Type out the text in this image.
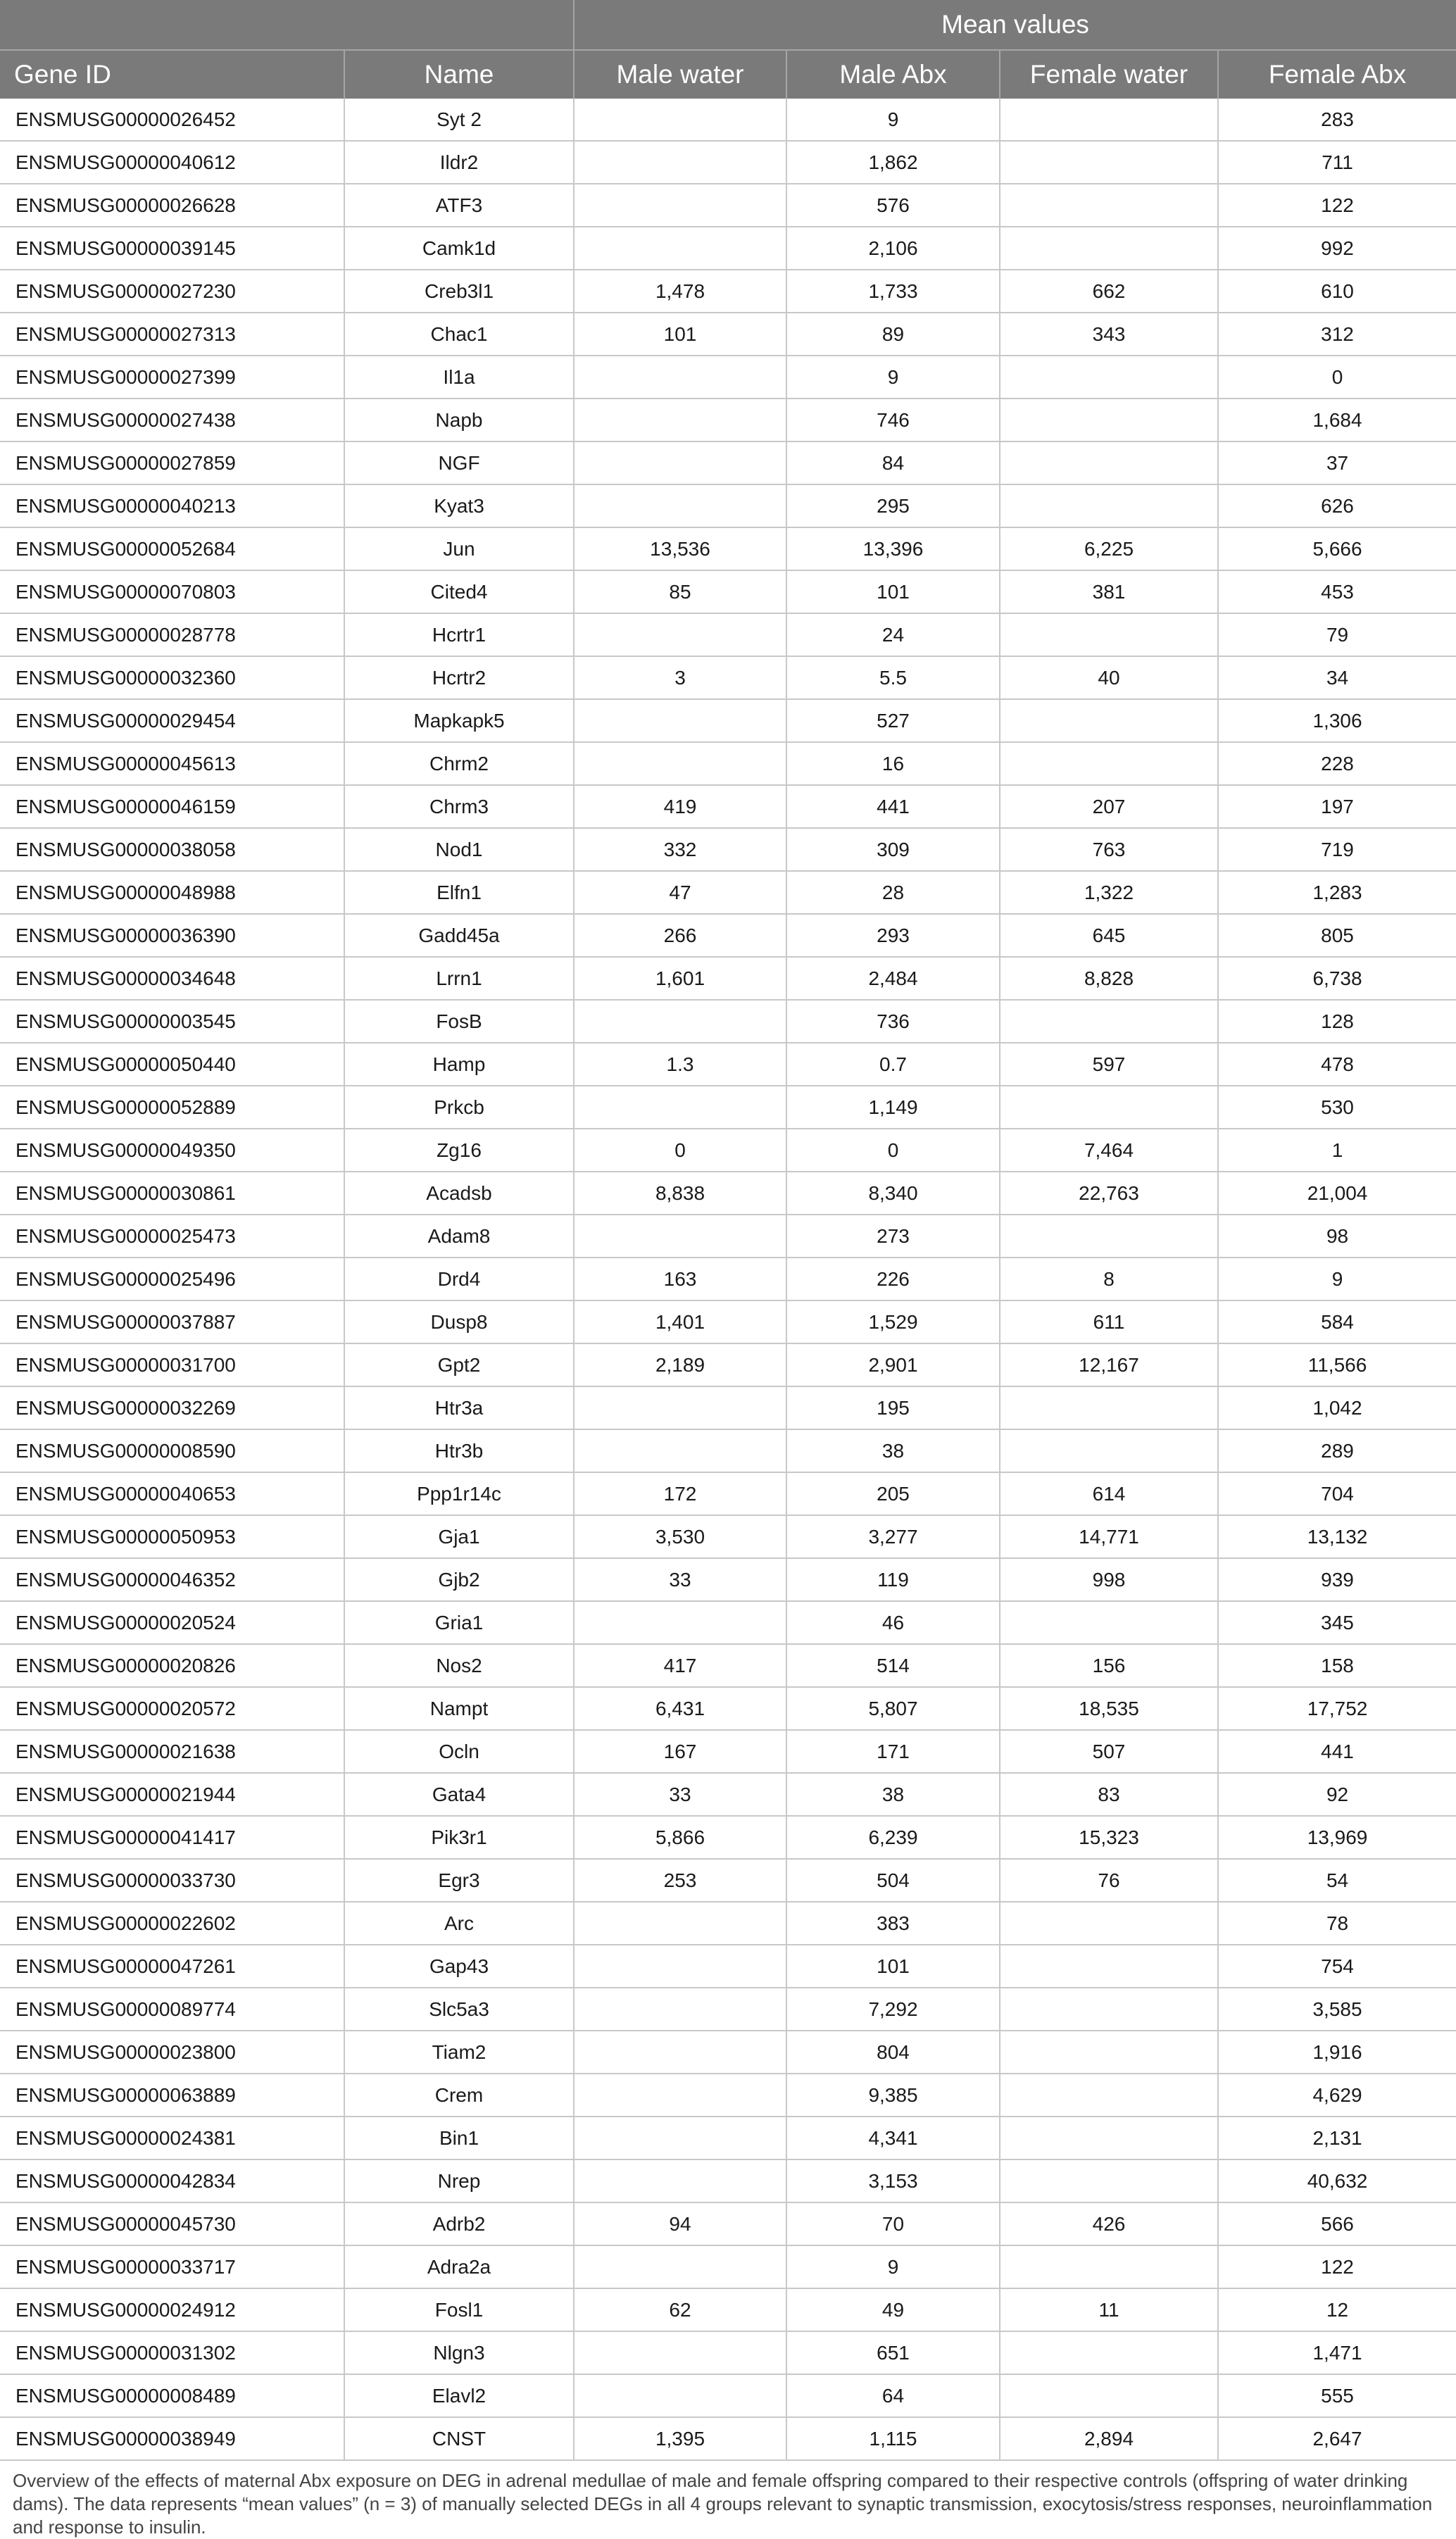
		Mean values			
Gene ID	Name	Male water	Male Abx	Female water	Female Abx
ENSMUSG00000026452	Syt 2		9		283
ENSMUSG00000040612	Ildr2		1,862		711
ENSMUSG00000026628	ATF3		576		122
ENSMUSG00000039145	Camk1d		2,106		992
ENSMUSG00000027230	Creb3l1	1,478	1,733	662	610
ENSMUSG00000027313	Chac1	101	89	343	312
ENSMUSG00000027399	Il1a		9		0
ENSMUSG00000027438	Napb		746		1,684
ENSMUSG00000027859	NGF		84		37
ENSMUSG00000040213	Kyat3		295		626
ENSMUSG00000052684	Jun	13,536	13,396	6,225	5,666
ENSMUSG00000070803	Cited4	85	101	381	453
ENSMUSG00000028778	Hcrtr1		24		79
ENSMUSG00000032360	Hcrtr2	3	5.5	40	34
ENSMUSG00000029454	Mapkapk5		527		1,306
ENSMUSG00000045613	Chrm2		16		228
ENSMUSG00000046159	Chrm3	419	441	207	197
ENSMUSG00000038058	Nod1	332	309	763	719
ENSMUSG00000048988	Elfn1	47	28	1,322	1,283
ENSMUSG00000036390	Gadd45a	266	293	645	805
ENSMUSG00000034648	Lrrn1	1,601	2,484	8,828	6,738
ENSMUSG00000003545	FosB		736		128
ENSMUSG00000050440	Hamp	1.3	0.7	597	478
ENSMUSG00000052889	Prkcb		1,149		530
ENSMUSG00000049350	Zg16	0	0	7,464	1
ENSMUSG00000030861	Acadsb	8,838	8,340	22,763	21,004
ENSMUSG00000025473	Adam8		273		98
ENSMUSG00000025496	Drd4	163	226	8	9
ENSMUSG00000037887	Dusp8	1,401	1,529	611	584
ENSMUSG00000031700	Gpt2	2,189	2,901	12,167	11,566
ENSMUSG00000032269	Htr3a		195		1,042
ENSMUSG00000008590	Htr3b		38		289
ENSMUSG00000040653	Ppp1r14c	172	205	614	704
ENSMUSG00000050953	Gja1	3,530	3,277	14,771	13,132
ENSMUSG00000046352	Gjb2	33	119	998	939
ENSMUSG00000020524	Gria1		46		345
ENSMUSG00000020826	Nos2	417	514	156	158
ENSMUSG00000020572	Nampt	6,431	5,807	18,535	17,752
ENSMUSG00000021638	Ocln	167	171	507	441
ENSMUSG00000021944	Gata4	33	38	83	92
ENSMUSG00000041417	Pik3r1	5,866	6,239	15,323	13,969
ENSMUSG00000033730	Egr3	253	504	76	54
ENSMUSG00000022602	Arc		383		78
ENSMUSG00000047261	Gap43		101		754
ENSMUSG00000089774	Slc5a3		7,292		3,585
ENSMUSG00000023800	Tiam2		804		1,916
ENSMUSG00000063889	Crem		9,385		4,629
ENSMUSG00000024381	Bin1		4,341		2,131
ENSMUSG00000042834	Nrep		3,153		40,632
ENSMUSG00000045730	Adrb2	94	70	426	566
ENSMUSG00000033717	Adra2a		9		122
ENSMUSG00000024912	Fosl1	62	49	11	12
ENSMUSG00000031302	Nlgn3		651		1,471
ENSMUSG00000008489	Elavl2		64		555
ENSMUSG00000038949	CNST	1,395	1,115	2,894	2,647
Overview of the effects of maternal Abx exposure on DEG in adrenal medullae of male and female offspring compared to their respective controls (offspring of water drinking dams). The data represents “mean values” (n = 3) of manually selected DEGs in all 4 groups relevant to synaptic transmission, exocytosis/stress responses, neuroinflammation and response to insulin.
